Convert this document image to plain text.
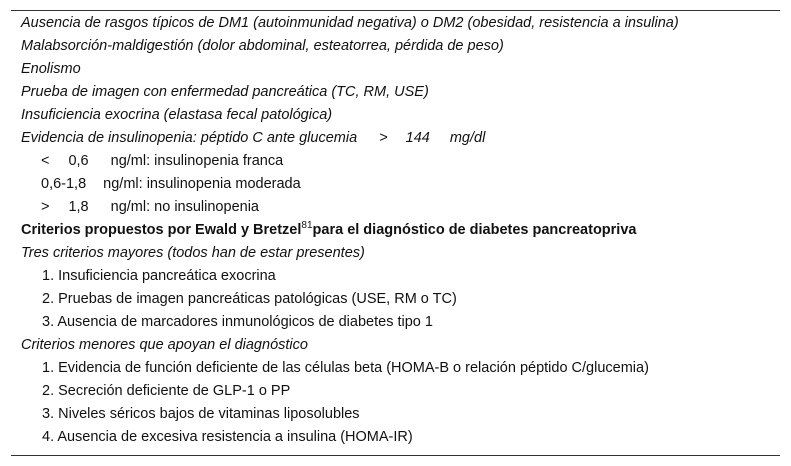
Ausencia de rasgos típicos de DM1 (autoinmunidad negativa) o DM2 (obesidad, resistencia a insulina)
Malabsorción-maldigestión (dolor abdominal, esteatorrea, pérdida de peso)
Enolismo
Prueba de imagen con enfermedad pancreática (TC, RM, USE)
Insuficiencia exocrina (elastasa fecal patológica)
Evidencia de insulinopenia: péptido C ante glucemia > 144 mg/dl
< 0,6 ng/ml: insulinopenia franca
0,6-1,8 ng/ml: insulinopenia moderada
> 1,8 ng/ml: no insulinopenia
Criterios propuestos por Ewald y Bretzel$^{81}$para el diagnóstico de diabetes pancreatopriva
Tres criterios mayores (todos han de estar presentes)
1. Insuficiencia pancreática exocrina
2. Pruebas de imagen pancreáticas patológicas (USE, RM o TC)
3. Ausencia de marcadores inmunológicos de diabetes tipo 1
Criterios menores que apoyan el diagnóstico
1. Evidencia de función deficiente de las células beta (HOMA-B o relación péptido C/glucemia)
2. Secreción deficiente de GLP-1 o PP
3. Niveles séricos bajos de vitaminas liposolubles
4. Ausencia de excesiva resistencia a insulina (HOMA-IR)
